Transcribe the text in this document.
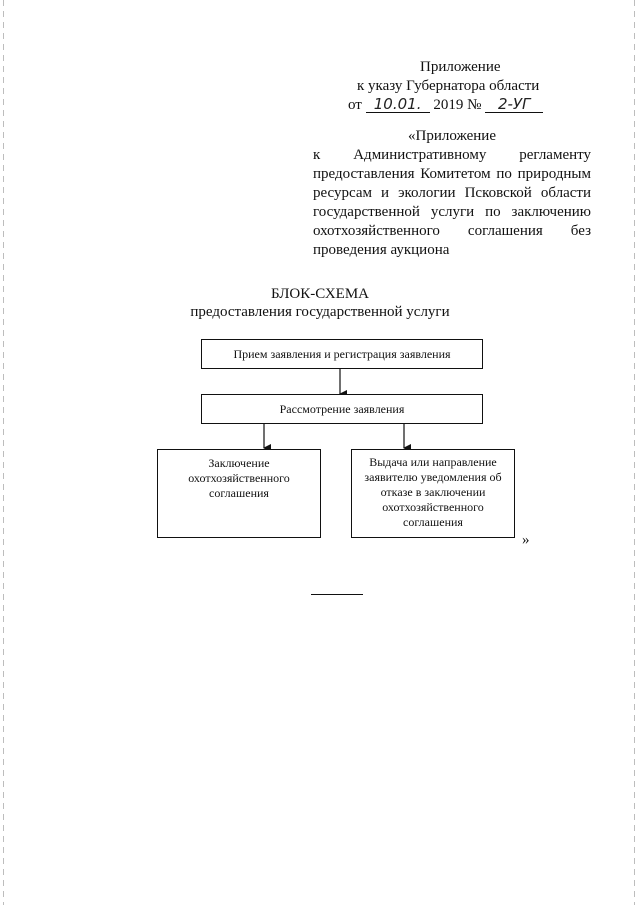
Приложение
к указу Губернатора области
от 10.01. 2019 № 2-УГ
«Приложение
к Административному регламенту
предоставления Комитетом по природным
ресурсам и экологии Псковской области
государственной услуги по заключению
охотхозяйственного соглашения без
проведения аукциона
БЛОК-СХЕМА
предоставления государственной услуги
Прием заявления и регистрация заявления
Рассмотрение заявления
Заключение
охотхозяйственного
соглашения
Выдача или направление
заявителю уведомления об
отказе в заключении
охотхозяйственного
соглашения
»
